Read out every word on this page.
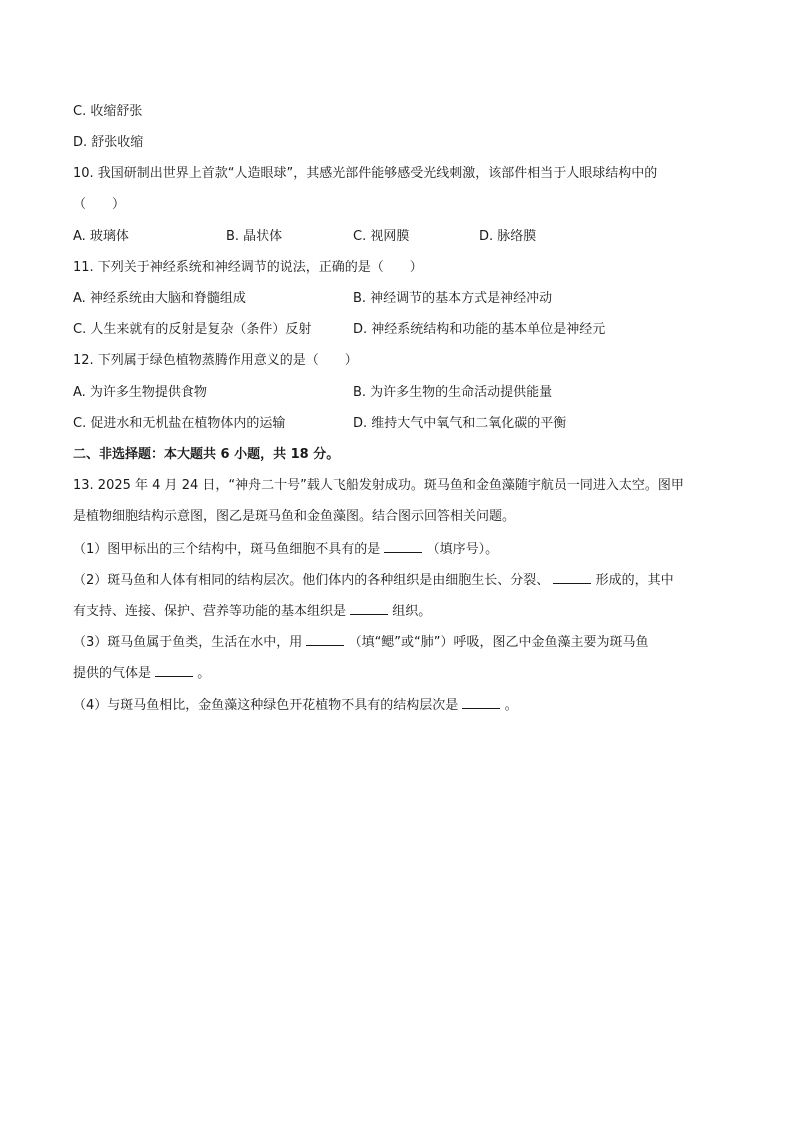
C. 收缩舒张
D. 舒张收缩
10. 我国研制出世界上首款“人造眼球”，其感光部件能够感受光线刺激，该部件相当于人眼球结构中的
（　　）
A. 玻璃体	B. 晶状体	C. 视网膜	D. 脉络膜
11. 下列关于神经系统和神经调节的说法，正确的是（　　）
A. 神经系统由大脑和脊髓组成	B. 神经调节的基本方式是神经冲动
C. 人生来就有的反射是复杂（条件）反射	D. 神经系统结构和功能的基本单位是神经元
12. 下列属于绿色植物蒸腾作用意义的是（　　）
A. 为许多生物提供食物	B. 为许多生物的生命活动提供能量
C. 促进水和无机盐在植物体内的运输	D. 维持大气中氧气和二氧化碳的平衡
二、非选择题：本大题共 6 小题，共 18 分。
13. 2025 年 4 月 24 日，“神舟二十号”载人飞船发射成功。斑马鱼和金鱼藻随宇航员一同进入太空。图甲
是植物细胞结构示意图，图乙是斑马鱼和金鱼藻图。结合图示回答相关问题。
（1）图甲标出的三个结构中，斑马鱼细胞不具有的是	（填序号）。
（2）斑马鱼和人体有相同的结构层次。他们体内的各种组织是由细胞生长、分裂、	形成的，其中
有支持、连接、保护、营养等功能的基本组织是	组织。
（3）斑马鱼属于鱼类，生活在水中，用	（填“鳃”或“肺”）呼吸，图乙中金鱼藻主要为斑马鱼
提供的气体是	。
（4）与斑马鱼相比，金鱼藻这种绿色开花植物不具有的结构层次是	。
